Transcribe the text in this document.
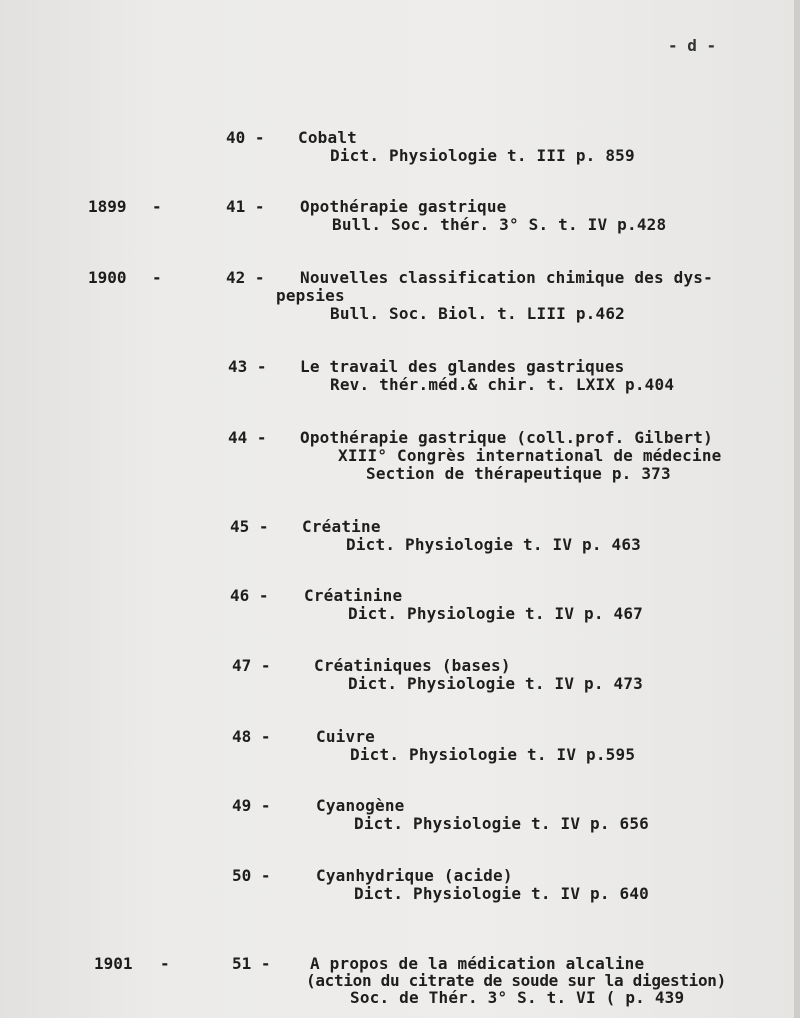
- d -
40 - Cobalt
Dict. Physiologie t. III p. 859
1899 -	41 - Opothérapie gastrique
Bull. Soc. thér. 3° S. t. IV p.428
1900 -	42 - Nouvelles classification chimique des dys-
pepsies
Bull. Soc. Biol. t. LIII p.462
43 - Le travail des glandes gastriques
Rev. thér.méd.& chir. t. LXIX p.404
44 - Opothérapie gastrique (coll.prof. Gilbert)
XIII° Congrès international de médecine
Section de thérapeutique p. 373
45 - Créatine
Dict. Physiologie t. IV p. 463
46 - Créatinine
Dict. Physiologie t. IV p. 467
47 -	Créatiniques (bases)
Dict. Physiologie t. IV p. 473
48 -	Cuivre
Dict. Physiologie t. IV p.595
49 -	Cyanogène
Dict. Physiologie t. IV p. 656
50 -	Cyanhydrique (acide)
Dict. Physiologie t. IV p. 640
1901 -	51 - A propos de la médication alcaline
(action du citrate de soude sur la digestion)
Soc. de Thér. 3° S. t. VI ( p. 439
